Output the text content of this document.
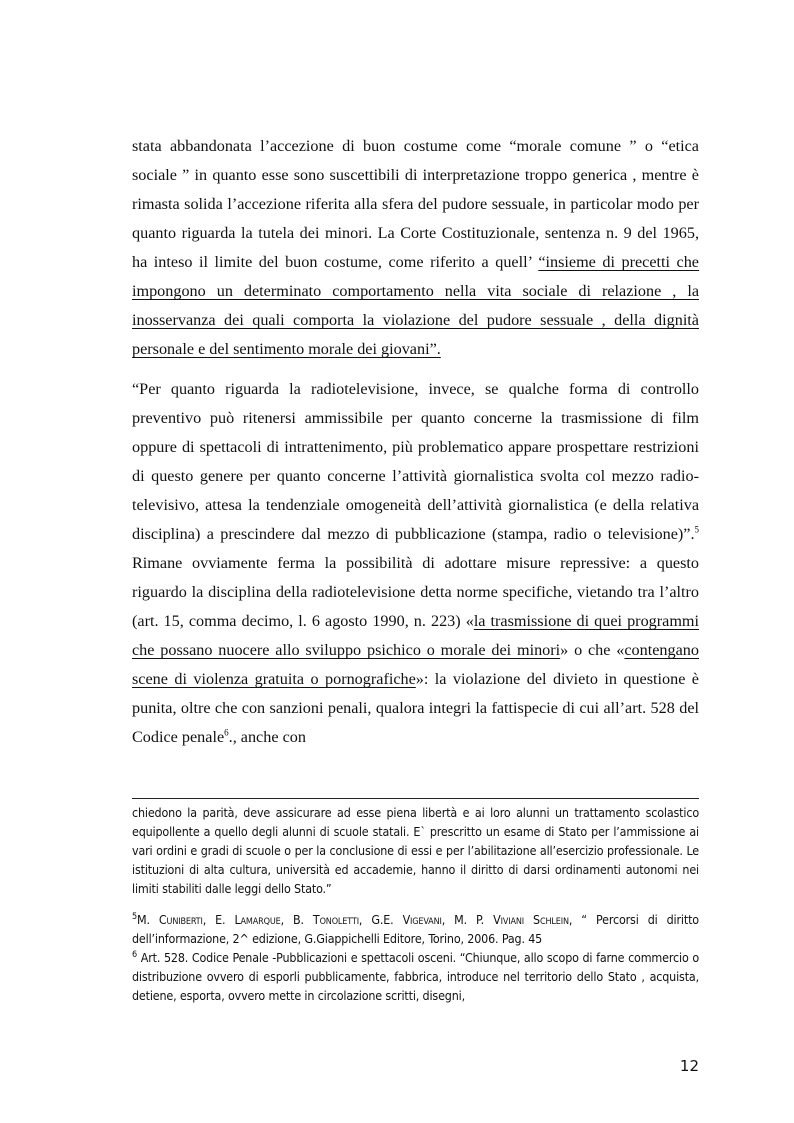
stata abbandonata l’accezione di buon costume come “morale comune ” o “etica sociale ” in quanto esse sono suscettibili di interpretazione troppo generica , mentre è rimasta solida l’accezione riferita alla sfera del pudore sessuale, in particolar modo per quanto riguarda la tutela dei minori. La Corte Costituzionale, sentenza n. 9 del 1965, ha inteso il limite del buon costume, come riferito a quell’ “insieme di precetti che impongono un determinato comportamento nella vita sociale di relazione , la inosservanza dei quali comporta la violazione del pudore sessuale , della dignità personale e del sentimento morale dei giovani”.

“Per quanto riguarda la radiotelevisione, invece, se qualche forma di controllo preventivo può ritenersi ammissibile per quanto concerne la trasmissione di film oppure di spettacoli di intrattenimento, più problematico appare prospettare restrizioni di questo genere per quanto concerne l’attività giornalistica svolta col mezzo radio-televisivo, attesa la tendenziale omogeneità dell’attività giornalistica (e della relativa disciplina) a prescindere dal mezzo di pubblicazione (stampa, radio o televisione)”.$^5$ Rimane ovviamente ferma la possibilità di adottare misure repressive: a questo riguardo la disciplina della radiotelevisione detta norme specifiche, vietando tra l’altro (art. 15, comma decimo, l. 6 agosto 1990, n. 223) «la trasmissione di quei programmi che possano nuocere allo sviluppo psichico o morale dei minori» o che «contengano scene di violenza gratuita o pornografiche»: la violazione del divieto in questione è punita, oltre che con sanzioni penali, qualora integri la fattispecie di cui all’art. 528 del Codice penale$^6$., anche con

chiedono la parità, deve assicurare ad esse piena libertà e ai loro alunni un trattamento scolastico equipollente a quello degli alunni di scuole statali. E` prescritto un esame di Stato per l’ammissione ai vari ordini e gradi di scuole o per la conclusione di essi e per l’abilitazione all’esercizio professionale. Le istituzioni di alta cultura, università ed accademie, hanno il diritto di darsi ordinamenti autonomi nei limiti stabiliti dalle leggi dello Stato.”

$^5$M. Cuniberti, E. Lamarque, B. Tonoletti, G.E. Vigevani, M. P. Viviani Schlein, “ Percorsi di diritto dell’informazione, 2^ edizione, G.Giappichelli Editore, Torino, 2006. Pag. 45

$^6$ Art. 528. Codice Penale -Pubblicazioni e spettacoli osceni. “Chiunque, allo scopo di farne commercio o distribuzione ovvero di esporli pubblicamente, fabbrica, introduce nel territorio dello Stato , acquista, detiene, esporta, ovvero mette in circolazione scritti, disegni,

12
